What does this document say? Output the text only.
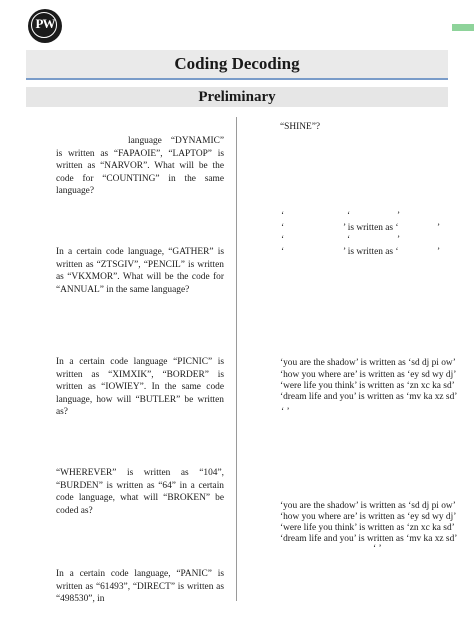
PW
Coding Decoding
Preliminary
language “DYNAMIC” is written as “FAPAOIE”, “LAPTOP” is written as “NARVOR”. What will be the code for “COUNTING” in the same language?
In a certain code language, “GATHER” is written as “ZTSGIV”, “PENCIL” is written as “VKXMOR”. What will be the code for “ANNUAL” in the same language?
In a certain code language “PICNIC” is written as “XIMXIK”, “BORDER” is written as “IOWIEY”. In the same code language, how will “BUTLER” be written as?
“WHEREVER” is written as “104”, “BURDEN” is written as “64” in a certain code language, what will “BROKEN” be coded as?
In a certain code language, “PANIC” is written as “61493”, “DIRECT” is written as “498530”, in
“SHINE”?
‘	‘	’
‘	’ is written as ‘	’
‘	‘	’
‘	’ is written as ‘	’
‘you are the shadow’ is written as ‘sd dj pi ow’
‘how you where are’ is written as ‘ey sd wy dj’
‘were life you think’ is written as ‘zn xc ka sd’
‘dream life and you’ is written as ‘mv ka xz sd’
‘ ’
‘you are the shadow’ is written as ‘sd dj pi ow’
‘how you where are’ is written as ‘ey sd wy dj’
‘were life you think’ is written as ‘zn xc ka sd’
‘dream life and you’ is written as ‘mv ka xz sd’
‘ ’
